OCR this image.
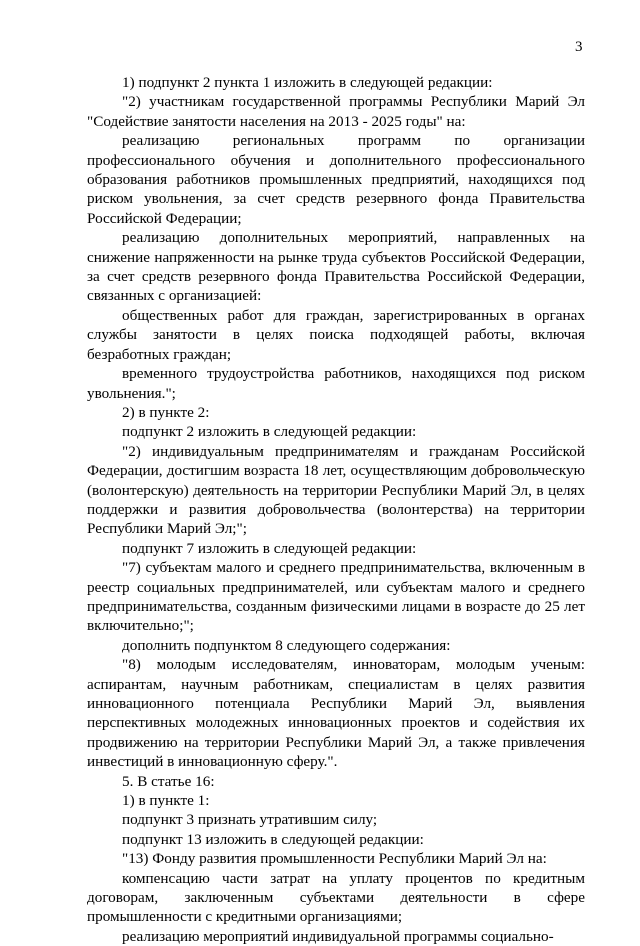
3

1) подпункт 2 пункта 1 изложить в следующей редакции:

"2) участникам государственной программы Республики Марий Эл "Содействие занятости населения на 2013 - 2025 годы" на:

реализацию региональных программ по организации профессионального обучения и дополнительного профессионального образования работников промышленных предприятий, находящихся под риском увольнения, за счет средств резервного фонда Правительства Российской Федерации;

реализацию дополнительных мероприятий, направленных на снижение напряженности на рынке труда субъектов Российской Федерации, за счет средств резервного фонда Правительства Российской Федерации, связанных с организацией:

общественных работ для граждан, зарегистрированных в органах службы занятости в целях поиска подходящей работы, включая безработных граждан;

временного трудоустройства работников, находящихся под риском увольнения.";

2) в пункте 2:

подпункт 2 изложить в следующей редакции:

"2) индивидуальным предпринимателям и гражданам Российской Федерации, достигшим возраста 18 лет, осуществляющим добровольческую (волонтерскую) деятельность на территории Республики Марий Эл, в целях поддержки и развития добровольчества (волонтерства) на территории Республики Марий Эл;";

подпункт 7 изложить в следующей редакции:

"7) субъектам малого и среднего предпринимательства, включенным в реестр социальных предпринимателей, или субъектам малого и среднего предпринимательства, созданным физическими лицами в возрасте до 25 лет включительно;";

дополнить подпунктом 8 следующего содержания:

"8) молодым исследователям, инноваторам, молодым ученым: аспирантам, научным работникам, специалистам в целях развития инновационного потенциала Республики Марий Эл, выявления перспективных молодежных инновационных проектов и содействия их продвижению на территории Республики Марий Эл, а также привлечения инвестиций в инновационную сферу.".

5. В статье 16:

1) в пункте 1:

подпункт 3 признать утратившим силу;

подпункт 13 изложить в следующей редакции:

"13) Фонду развития промышленности Республики Марий Эл на:

компенсацию части затрат на уплату процентов по кредитным договорам, заключенным субъектами деятельности в сфере промышленности с кредитными организациями;

реализацию мероприятий индивидуальной программы социально-
